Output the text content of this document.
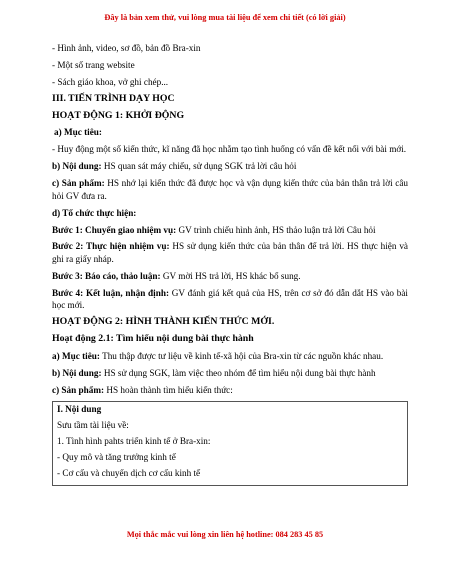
Đây là bản xem thử, vui lòng mua tài liệu để xem chi tiết (có lời giải)

- Hình ảnh, video, sơ đồ, bản đồ Bra-xin

- Một số trang website

- Sách giáo khoa, vở ghi chép...

III. TIẾN TRÌNH DẠY HỌC

HOẠT ĐỘNG 1: KHỞI ĐỘNG

a) Mục tiêu:

- Huy động một số kiến thức, kĩ năng đã học nhằm tạo tình huống có vấn đề kết nối với bài mới.

b) Nội dung: HS quan sát máy chiếu, sử dụng SGK trả lời câu hỏi

c) Sản phẩm: HS nhớ lại kiến thức đã được học và vận dụng kiến thức của bản thân trả lời câu hỏi GV đưa ra.

d) Tổ chức thực hiện:

Bước 1: Chuyển giao nhiệm vụ: GV trình chiếu hình ảnh, HS thảo luận trả lời Câu hỏi

Bước 2: Thực hiện nhiệm vụ: HS sử dụng kiến thức của bản thân để trả lời. HS thực hiện và ghi ra giấy nháp.

Bước 3: Báo cáo, thảo luận: GV mời HS trả lời, HS khác bổ sung.

Bước 4: Kết luận, nhận định: GV đánh giá kết quả của HS, trên cơ sở đó dẫn dắt HS vào bài học mới.

HOẠT ĐỘNG 2: HÌNH THÀNH KIẾN THỨC MỚI.

Hoạt động 2.1: Tìm hiểu nội dung bài thực hành

a) Mục tiêu: Thu thập được tư liệu về kinh tế-xã hội của Bra-xin từ các nguồn khác nhau.

b) Nội dung: HS sử dụng SGK, làm việc theo nhóm để tìm hiểu nội dung bài thực hành

c) Sản phẩm: HS hoàn thành tìm hiểu kiến thức:

I. Nội dung

Sưu tầm tài liệu về:

1. Tình hình pahts triển kinh tế ở Bra-xin:

- Quy mô và tăng trưởng kinh tế

- Cơ cấu và chuyển dịch cơ cấu kinh tế

Mọi thắc mắc vui lòng xin liên hệ hotline: 084 283 45 85
